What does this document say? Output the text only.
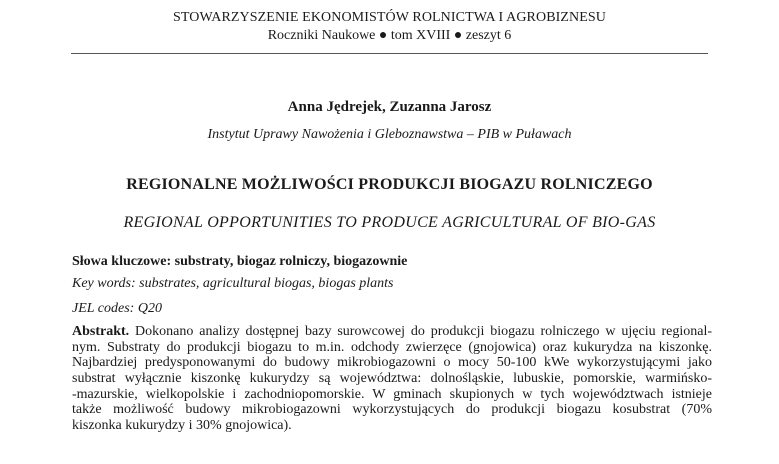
STOWARZYSZENIE EKONOMISTÓW ROLNICTWA I AGROBIZNESU
Roczniki Naukowe ● tom XVIII ● zeszyt 6
Anna Jędrejek, Zuzanna Jarosz
Instytut Uprawy Nawożenia i Gleboznawstwa – PIB w Puławach
REGIONALNE MOŻLIWOŚCI PRODUKCJI BIOGAZU ROLNICZEGO
REGIONAL OPPORTUNITIES TO PRODUCE AGRICULTURAL OF BIO-GAS
Słowa kluczowe: substraty, biogaz rolniczy, biogazownie
Key words: substrates, agricultural biogas, biogas plants
JEL codes: Q20
Abstrakt. Dokonano analizy dostępnej bazy surowcowej do produkcji biogazu rolniczego w ujęciu regional-
nym. Substraty do produkcji biogazu to m.in. odchody zwierzęce (gnojowica) oraz kukurydza na kiszonkę.
Najbardziej predysponowanymi do budowy mikrobiogazowni o mocy 50-100 kWe wykorzystującymi jako
substrat wyłącznie kiszonkę kukurydzy są województwa: dolnośląskie, lubuskie, pomorskie, warmińsko-
-mazurskie, wielkopolskie i zachodniopomorskie. W gminach skupionych w tych województwach istnieje
także możliwość budowy mikrobiogazowni wykorzystujących do produkcji biogazu kosubstrat (70%
kiszonka kukurydzy i 30% gnojowica).
